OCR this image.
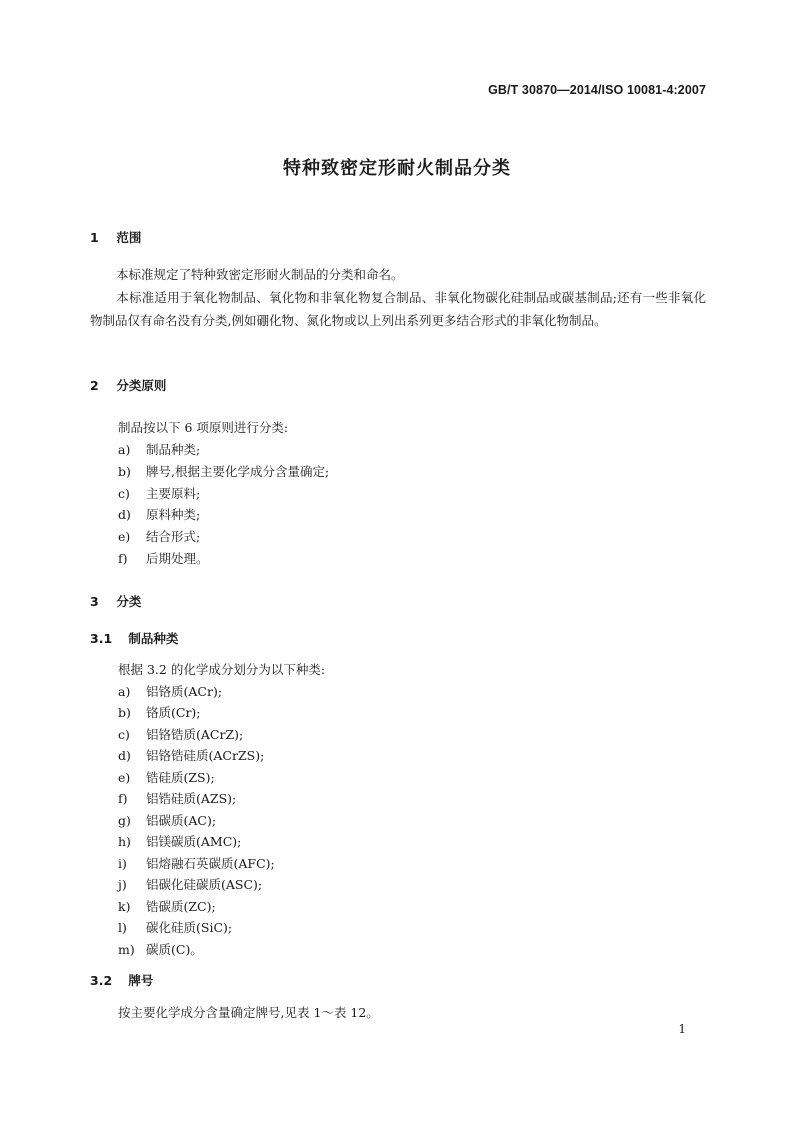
GB/T 30870—2014/ISO 10081-4:2007
特种致密定形耐火制品分类
1 范围
本标准规定了特种致密定形耐火制品的分类和命名。
本标准适用于氧化物制品、氧化物和非氧化物复合制品、非氧化物碳化硅制品或碳基制品;还有一些非氧化物制品仅有命名没有分类,例如硼化物、氮化物或以上列出系列更多结合形式的非氧化物制品。
2 分类原则
制品按以下 6 项原则进行分类:
a) 制品种类;
b) 牌号,根据主要化学成分含量确定;
c) 主要原料;
d) 原料种类;
e) 结合形式;
f) 后期处理。
3 分类
3.1 制品种类
根据 3.2 的化学成分划分为以下种类:
a) 铝铬质(ACr);
b) 铬质(Cr);
c) 铝铬锆质(ACrZ);
d) 铝铬锆硅质(ACrZS);
e) 锆硅质(ZS);
f) 铝锆硅质(AZS);
g) 铝碳质(AC);
h) 铝镁碳质(AMC);
i) 铝熔融石英碳质(AFC);
j) 铝碳化硅碳质(ASC);
k) 锆碳质(ZC);
l) 碳化硅质(SiC);
m) 碳质(C)。
3.2 牌号
按主要化学成分含量确定牌号,见表 1～表 12。
1
